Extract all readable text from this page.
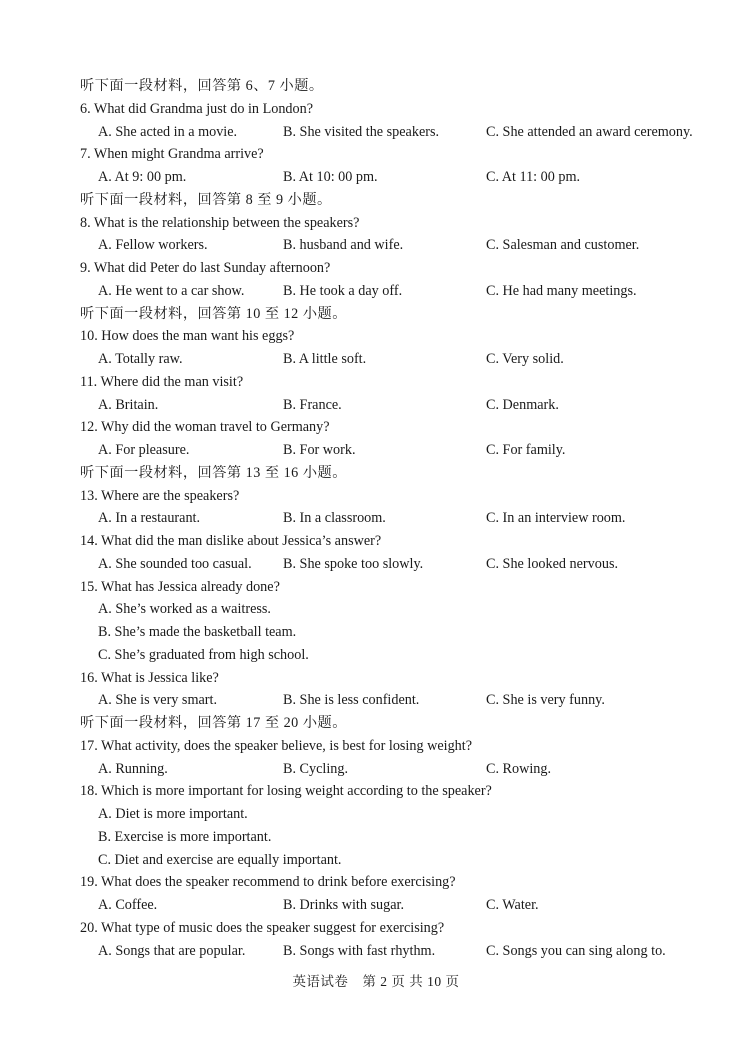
听下面一段材料，回答第 6、7 小题。
6. What did Grandma just do in London?
A. She acted in a movie.	B. She visited the speakers.	C. She attended an award ceremony.
7. When might Grandma arrive?
A. At 9: 00 pm.	B. At 10: 00 pm.	C. At 11: 00 pm.
听下面一段材料，回答第 8 至 9 小题。
8. What is the relationship between the speakers?
A. Fellow workers.	B. husband and wife.	C. Salesman and customer.
9. What did Peter do last Sunday afternoon?
A. He went to a car show.	B. He took a day off.	C. He had many meetings.
听下面一段材料，回答第 10 至 12 小题。
10. How does the man want his eggs?
A. Totally raw.	B. A little soft.	C. Very solid.
11. Where did the man visit?
A. Britain.	B. France.	C. Denmark.
12. Why did the woman travel to Germany?
A. For pleasure.	B. For work.	C. For family.
听下面一段材料，回答第 13 至 16 小题。
13. Where are the speakers?
A. In a restaurant.	B. In a classroom.	C. In an interview room.
14. What did the man dislike about Jessica’s answer?
A. She sounded too casual. B. She spoke too slowly.	C. She looked nervous.
15. What has Jessica already done?
A. She’s worked as a waitress.
B. She’s made the basketball team.
C. She’s graduated from high school.
16. What is Jessica like?
A. She is very smart.	B. She is less confident.	C. She is very funny.
听下面一段材料，回答第 17 至 20 小题。
17. What activity, does the speaker believe, is best for losing weight?
A. Running.	B. Cycling.	C. Rowing.
18. Which is more important for losing weight according to the speaker?
A. Diet is more important.
B. Exercise is more important.
C. Diet and exercise are equally important.
19. What does the speaker recommend to drink before exercising?
A. Coffee.	B. Drinks with sugar.	C. Water.
20. What type of music does the speaker suggest for exercising?
A. Songs that are popular.	B. Songs with fast rhythm.	C. Songs you can sing along to.
英语试卷　第 2 页 共 10 页
